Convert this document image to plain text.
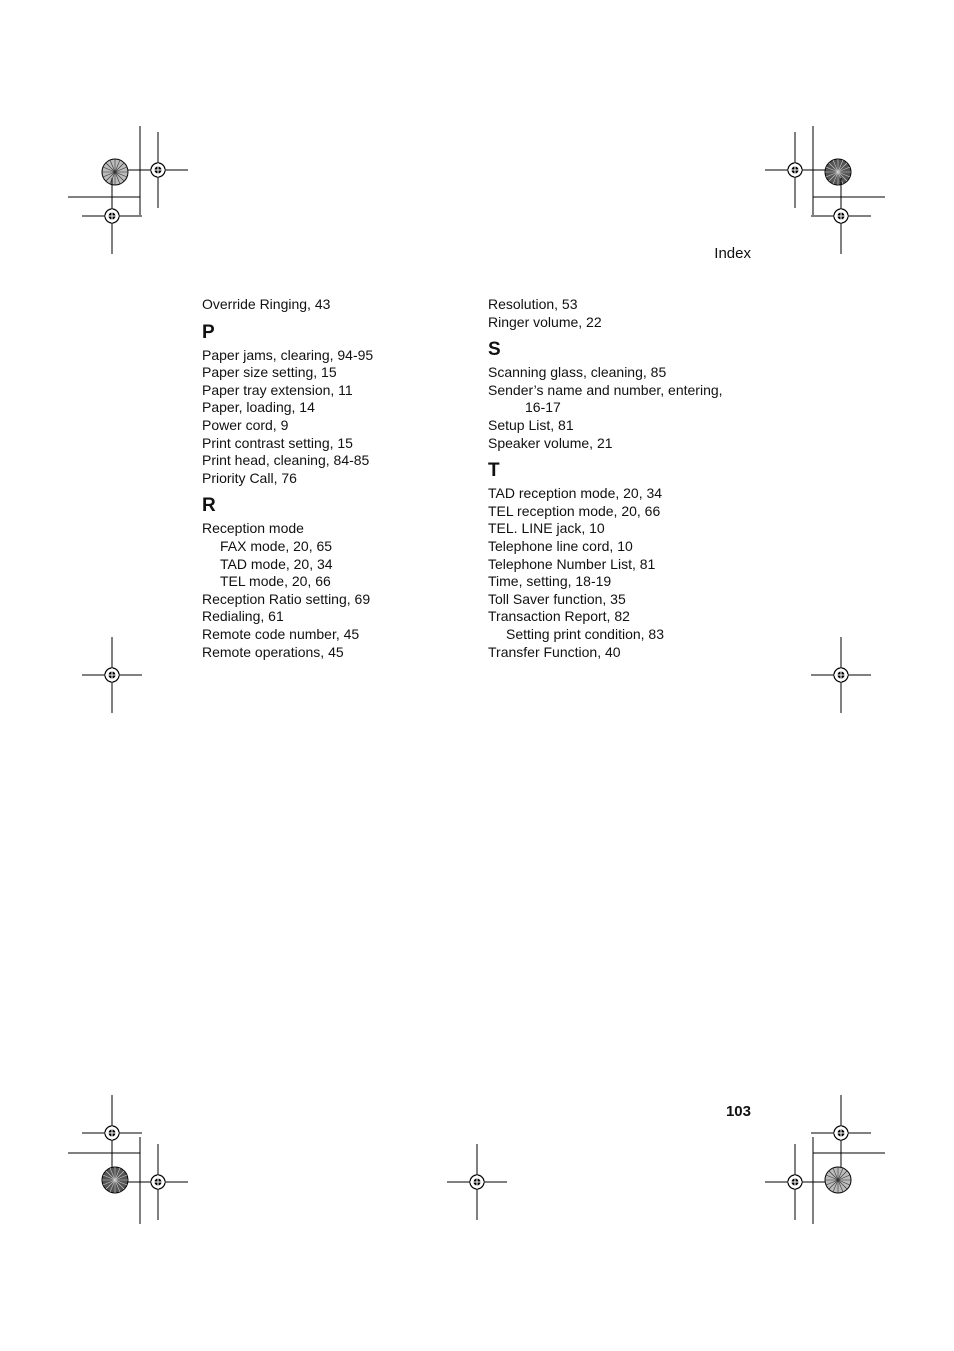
Index
Override Ringing, 43
P
Paper jams, clearing, 94-95
Paper size setting, 15
Paper tray extension, 11
Paper, loading, 14
Power cord, 9
Print contrast setting, 15
Print head, cleaning, 84-85
Priority Call, 76
R
Reception mode
FAX mode, 20, 65
TAD mode, 20, 34
TEL mode, 20, 66
Reception Ratio setting, 69
Redialing, 61
Remote code number, 45
Remote operations, 45
Resolution, 53
Ringer volume, 22
S
Scanning glass, cleaning, 85
Sender’s name and number, entering,
16-17
Setup List, 81
Speaker volume, 21
T
TAD reception mode, 20, 34
TEL reception mode, 20, 66
TEL. LINE jack, 10
Telephone line cord, 10
Telephone Number List, 81
Time, setting, 18-19
Toll Saver function, 35
Transaction Report, 82
Setting print condition, 83
Transfer Function, 40
103
